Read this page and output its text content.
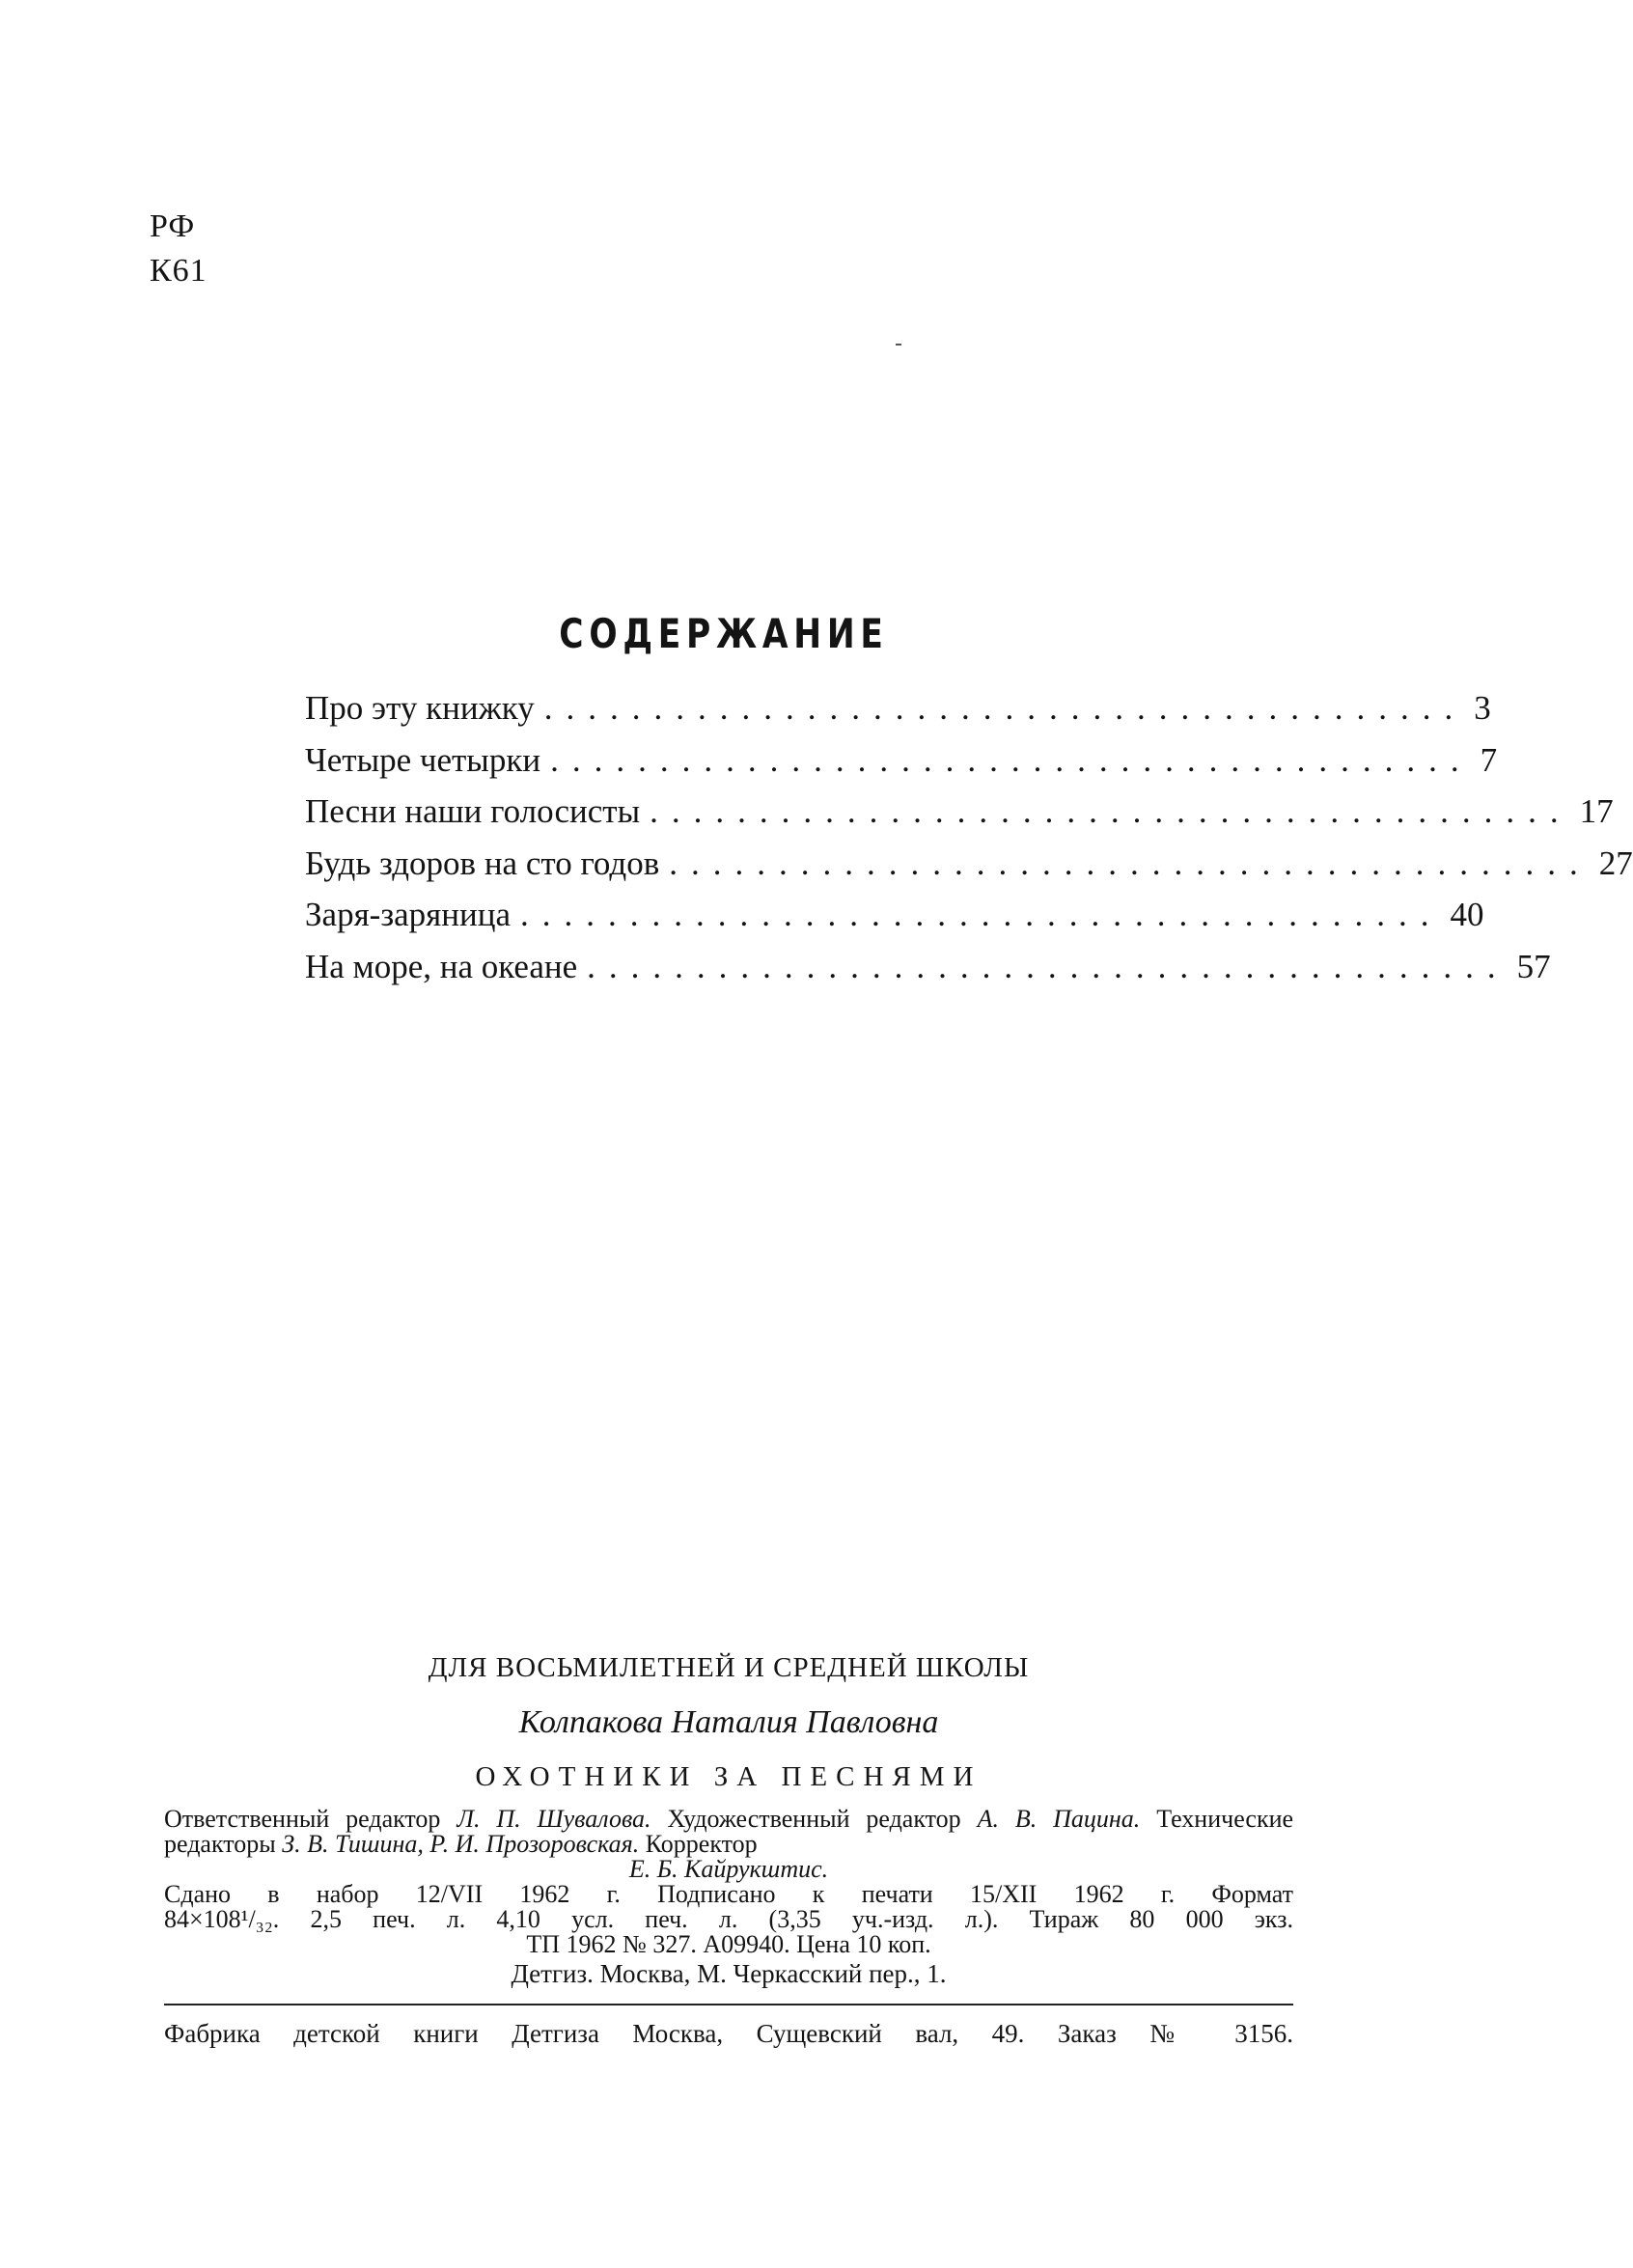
РФ
К61
СОДЕРЖАНИЕ
Про эту книжку .......................................... 3
Четыре четырки .......................................... 7
Песни наши голосисты .......................................... 17
Будь здоров на сто годов .......................................... 27
Заря-заряница .......................................... 40
На море, на океане .......................................... 57
ДЛЯ ВОСЬМИЛЕТНЕЙ И СРЕДНЕЙ ШКОЛЫ
Колпакова Наталия Павловна
ОХОТНИКИ ЗА ПЕСНЯМИ
Ответственный редактор Л. П. Шувалова. Художественный редактор А. В. Пацина. Технические редакторы З. В. Тишина, Р. И. Прозоровская. Корректор
Е. Б. Кайрукштис.
Сдано в набор 12/VII 1962 г. Подписано к печати 15/XII 1962 г. Формат
84×108¹/₃₂. 2,5 печ. л. 4,10 усл. печ. л. (3,35 уч.-изд. л.). Тираж 80 000 экз.
ТП 1962 № 327. А09940. Цена 10 коп.
Детгиз. Москва, М. Черкасский пер., 1.
Фабрика детской книги Детгиза Москва, Сущевский вал, 49. Заказ № 3156.
